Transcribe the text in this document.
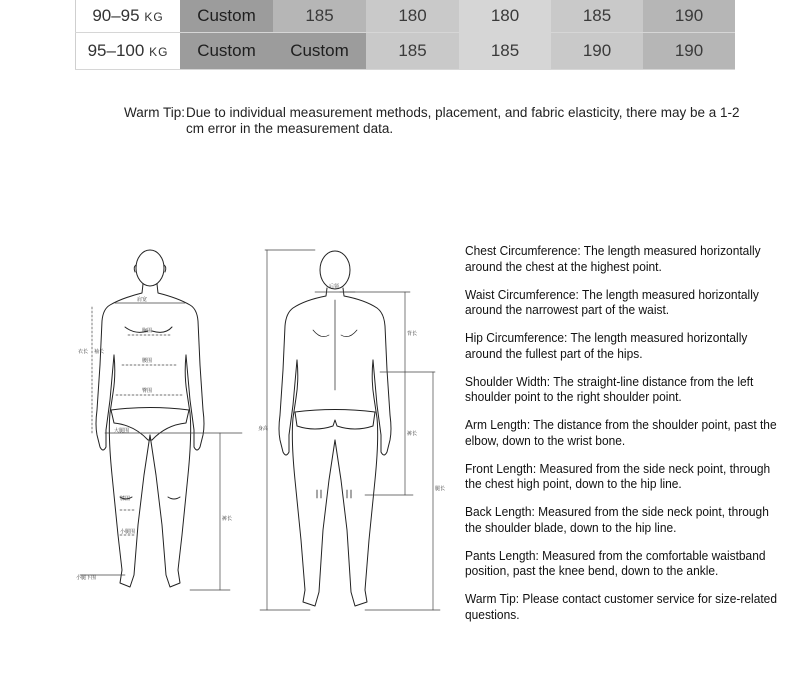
90–95 KG	Custom	185	180	180	185	190
95–100 KG	Custom	Custom	185	185	190	190
Warm Tip: Due to individual measurement methods, placement, and fabric elasticity, there may be a 1-2 cm error in the measurement data.
肩宽
胸围
腰围
臀围
大腿围
膝围
小腿围
衣长 袖长
裤长
小腿下围
后领
背长
身高
裤长
腿长

Chest Circumference: The length measured horizontally around the chest at the highest point.

Waist Circumference: The length measured horizontally around the narrowest part of the waist.

Hip Circumference: The length measured horizontally around the fullest part of the hips.

Shoulder Width: The straight-line distance from the left shoulder point to the right shoulder point.

Arm Length: The distance from the shoulder point, past the elbow, down to the wrist bone.

Front Length: Measured from the side neck point, through the chest high point, down to the hip line.

Back Length: Measured from the side neck point, through the shoulder blade, down to the hip line.

Pants Length: Measured from the comfortable waistband position, past the knee bend, down to the ankle.

Warm Tip: Please contact customer service for size-related questions.
